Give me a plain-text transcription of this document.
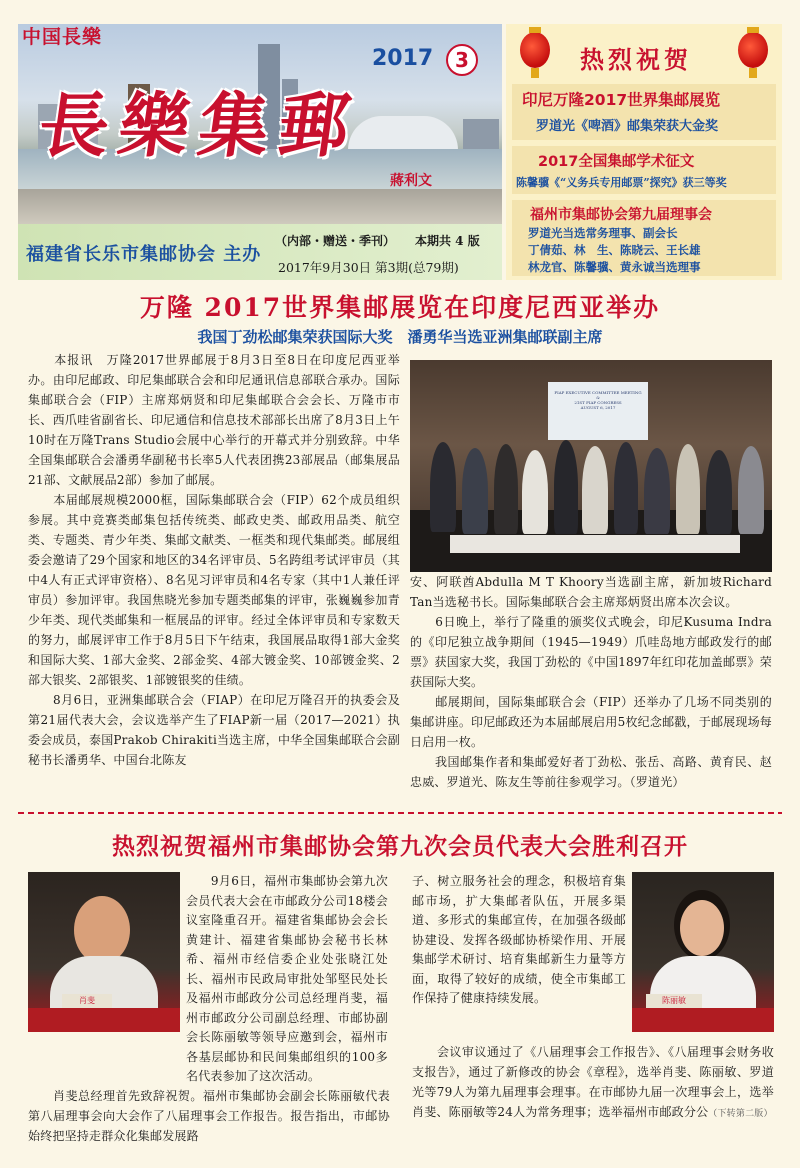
中国長樂
長樂集郵
蔣利文
2017	3
福建省长乐市集邮协会 主办
（内部・赠送・季刊） 本期共 4 版
2017年9月30日 第3期(总79期)
热烈祝贺
印尼万隆2017世界集邮展览
罗道光《啤酒》邮集荣获大金奖
2017全国集邮学术征文
陈馨骥《“义务兵专用邮票”探究》获三等奖
福州市集邮协会第九届理事会
罗道光当选常务理事、副会长
丁倩茹、林　生、陈晓云、王长雄
林龙官、陈馨骥、黄永诚当选理事
万隆 2017世界集邮展览在印度尼西亚举办
我国丁劲松邮集荣获国际大奖　潘勇华当选亚洲集邮联副主席
　　本报讯　万隆2017世界邮展于8月3日至8日在印度尼西亚举办。由印尼邮政、印尼集邮联合会和印尼通讯信息部联合承办。国际集邮联合会（FIP）主席郑炳贤和印尼集邮联合会会长、万隆市市长、西爪哇省副省长、印尼通信和信息技术部部长出席了8月3日上午10时在万隆Trans Studio会展中心举行的开幕式并分别致辞。中华全国集邮联合会潘勇华副秘书长率5人代表团携23部展品（邮集展品21部、文献展品2部）参加了邮展。
　　本届邮展规模2000框，国际集邮联合会（FIP）62个成员组织参展。其中竞赛类邮集包括传统类、邮政史类、邮政用品类、航空类、专题类、青少年类、集邮文献类、一框类和现代集邮类。邮展组委会邀请了29个国家和地区的34名评审员、5名跨组考试评审员（其中4人有正式评审资格）、8名见习评审员和4名专家（其中1人兼任评审员）参加评审。我国焦晓光参加专题类邮集的评审，张巍巍参加青少年类、现代类邮集和一框展品的评审。经过全体评审员和专家数天的努力，邮展评审工作于8月5日下午结束，我国展品取得1部大金奖和国际大奖、1部大金奖、2部金奖、4部大镀金奖、10部镀金奖、2部大银奖、2部银奖、1部镀银奖的佳绩。
　　8月6日，亚洲集邮联合会（FIAP）在印尼万隆召开的执委会及第21届代表大会，会议选举产生了FIAP新一届（2017—2021）执委会成员，泰国Prakob Chirakiti当选主席，中华全国集邮联合会副秘书长潘勇华、中国台北陈友
FIAP EXECUTIVE COMMITTEE MEETING
&
21ST FIAP CONGRESS
AUGUST 6, 2017
安、阿联酋Abdulla M T Khoory当选副主席，新加坡Richard Tan当选秘书长。国际集邮联合会主席郑炳贤出席本次会议。
　　6日晚上，举行了隆重的颁奖仪式晚会，印尼Kusuma Indra的《印尼独立战争期间（1945—1949）爪哇岛地方邮政发行的邮票》获国家大奖，我国丁劲松的《中国1897年红印花加盖邮票》荣获国际大奖。
　　邮展期间，国际集邮联合会（FIP）还举办了几场不同类别的集邮讲座。印尼邮政还为本届邮展启用5枚纪念邮戳，于邮展现场每日启用一枚。
　　我国邮集作者和集邮爱好者丁劲松、张岳、高路、黄育民、赵忠威、罗道光、陈友生等前往参观学习。（罗道光）
热烈祝贺福州市集邮协会第九次会员代表大会胜利召开
肖斐
　　9月6日，福州市集邮协会第九次会员代表大会在市邮政分公司18楼会议室隆重召开。福建省集邮协会会长黄建计、福建省集邮协会秘书长林希、福州市经信委企业处张晓江处长、福州市民政局审批处邹堅民处长及福州市邮政分公司总经理肖斐，福州市邮政分公司副总经理、市邮协副会长陈丽敏等领导应邀到会，福州市各基层邮协和民间集邮组织的100多名代表参加了这次活动。
　　肖斐总经理首先致辞祝贺。福州市集邮协会副会长陈丽敏代表第八届理事会向大会作了八届理事会工作报告。报告指出，市邮协始终把坚持走群众化集邮发展路
子、树立服务社会的理念，积极培育集邮市场，扩大集邮者队伍，开展多渠道、多形式的集邮宣传，在加强各级邮协建设、发挥各级邮协桥梁作用、开展集邮学术研讨、培育集邮新生力量等方面，取得了较好的成绩，使全市集邮工作保持了健康持续发展。	陈丽敏
　　会议审议通过了《八届理事会工作报告》、《八届理事会财务收支报告》，通过了新修改的协会《章程》，选举肖斐、陈丽敏、罗道光等79人为第九届理事会理事。在市邮协九届一次理事会上，选举肖斐、陈丽敏等24人为常务理事；选举福州市邮政分公（下转第二版）
